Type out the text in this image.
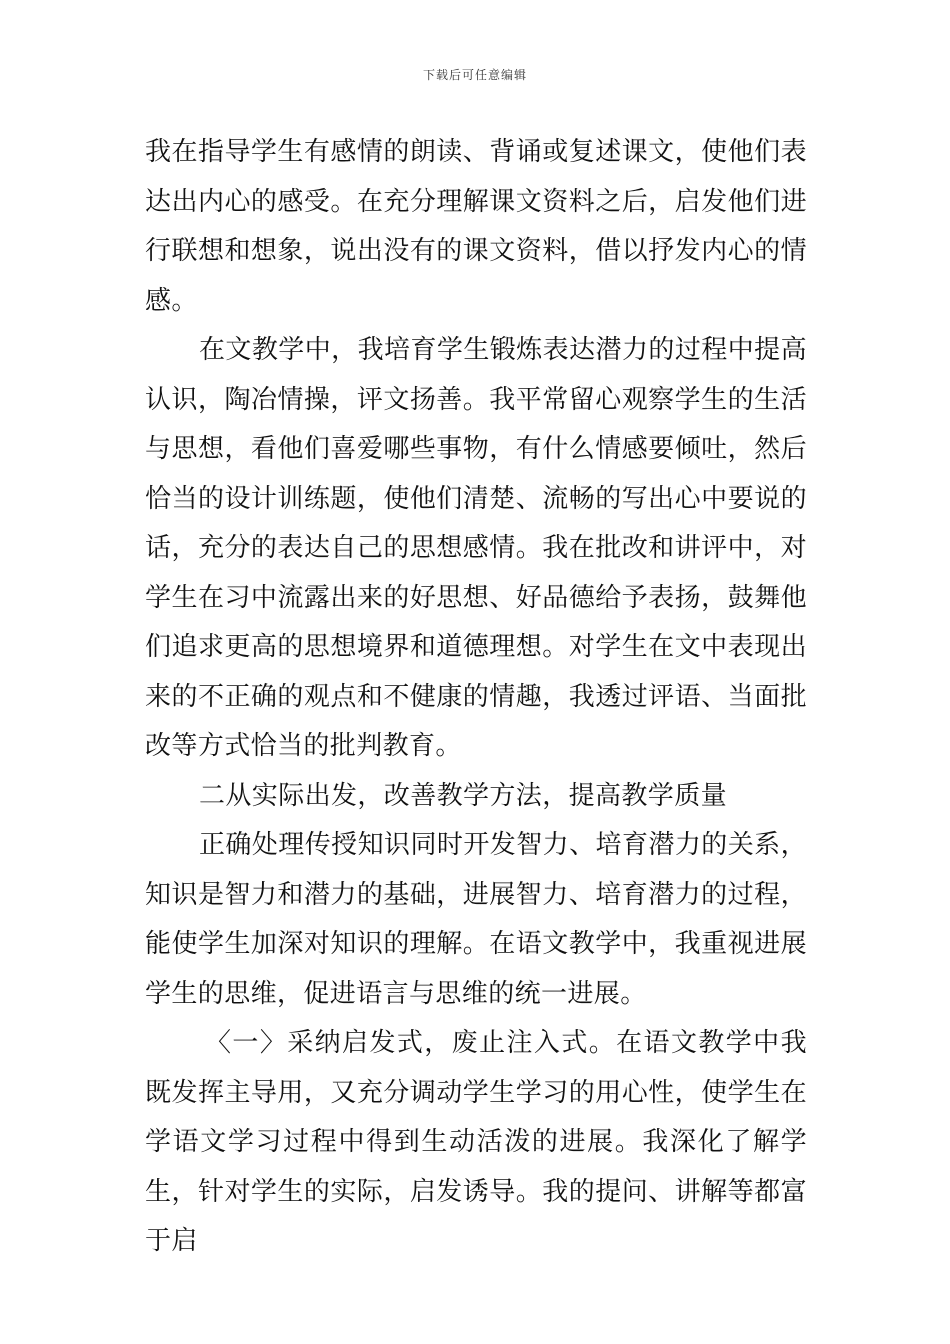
下载后可任意编辑

我在指导学生有感情的朗读、背诵或复述课文，使他们表达出内心的感受。在充分理解课文资料之后，启发他们进行联想和想象，说出没有的课文资料，借以抒发内心的情感。

在文教学中，我培育学生锻炼表达潜力的过程中提高认识，陶冶情操，评文扬善。我平常留心观察学生的生活与思想，看他们喜爱哪些事物，有什么情感要倾吐，然后恰当的设计训练题，使他们清楚、流畅的写出心中要说的话，充分的表达自己的思想感情。我在批改和讲评中，对学生在习中流露出来的好思想、好品德给予表扬，鼓舞他们追求更高的思想境界和道德理想。对学生在文中表现出来的不正确的观点和不健康的情趣，我透过评语、当面批改等方式恰当的批判教育。

二从实际出发，改善教学方法，提高教学质量

正确处理传授知识同时开发智力、培育潜力的关系，知识是智力和潜力的基础，进展智力、培育潜力的过程，能使学生加深对知识的理解。在语文教学中，我重视进展学生的思维，促进语言与思维的统一进展。

〈一〉采纳启发式，废止注入式。在语文教学中我既发挥主导用，又充分调动学生学习的用心性，使学生在学语文学习过程中得到生动活泼的进展。我深化了解学生，针对学生的实际，启发诱导。我的提问、讲解等都富于启
